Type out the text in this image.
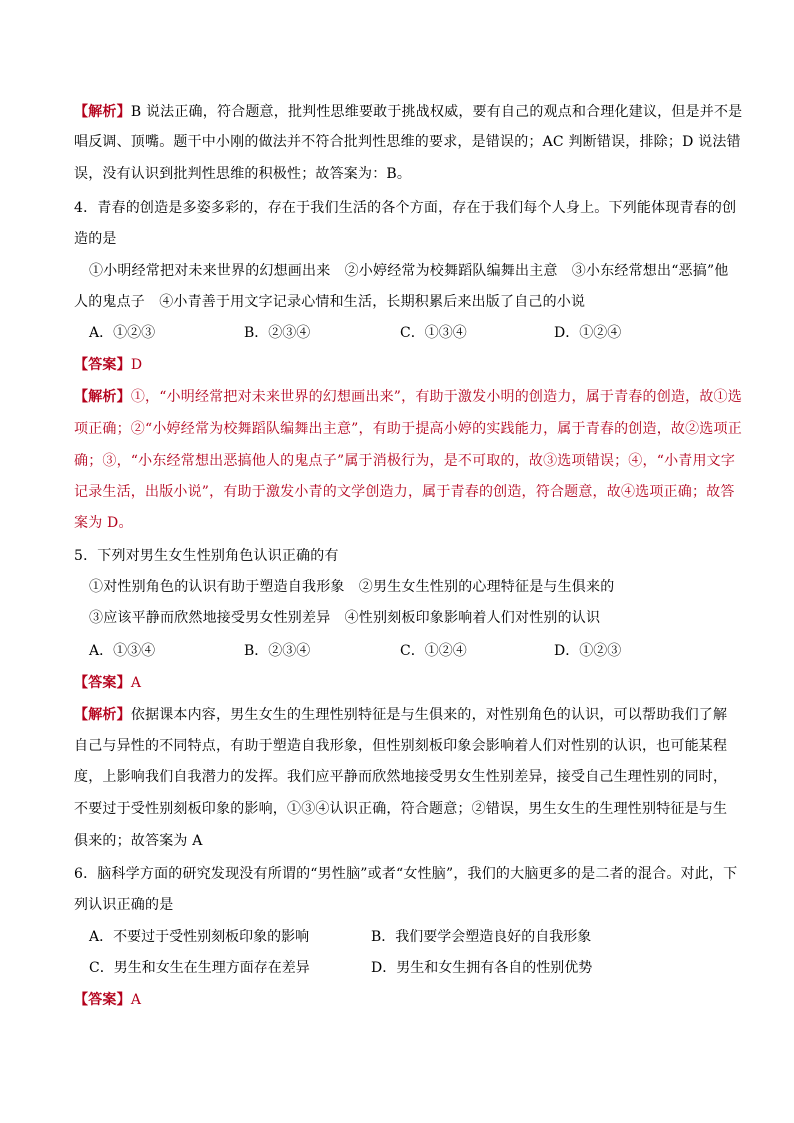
【解析】B 说法正确，符合题意，批判性思维要敢于挑战权威，要有自己的观点和合理化建议，但是并不是
唱反调、顶嘴。题干中小刚的做法并不符合批判性思维的要求，是错误的；AC 判断错误，排除；D 说法错
误，没有认识到批判性思维的积极性；故答案为：B。
4．青春的创造是多姿多彩的，存在于我们生活的各个方面，存在于我们每个人身上。下列能体现青春的创
造的是
①小明经常把对未来世界的幻想画出来　②小婷经常为校舞蹈队编舞出主意　③小东经常想出“恶搞”他
人的鬼点子　④小青善于用文字记录心情和生活，长期积累后来出版了自己的小说
A．①②③	B．②③④	C．①③④	D．①②④
【答案】D
【解析】①，“小明经常把对未来世界的幻想画出来”，有助于激发小明的创造力，属于青春的创造，故①选
项正确；②“小婷经常为校舞蹈队编舞出主意”，有助于提高小婷的实践能力，属于青春的创造，故②选项正
确；③，“小东经常想出恶搞他人的鬼点子”属于消极行为，是不可取的，故③选项错误；④，“小青用文字
记录生活，出版小说”，有助于激发小青的文学创造力，属于青春的创造，符合题意，故④选项正确；故答
案为 D。
5．下列对男生女生性别角色认识正确的有
①对性别角色的认识有助于塑造自我形象　②男生女生性别的心理特征是与生俱来的
③应该平静而欣然地接受男女性别差异　④性别刻板印象影响着人们对性别的认识
A．①③④	B．②③④	C．①②④	D．①②③
【答案】A
【解析】依据课本内容，男生女生的生理性别特征是与生俱来的，对性别角色的认识，可以帮助我们了解
自己与异性的不同特点，有助于塑造自我形象，但性别刻板印象会影响着人们对性别的认识，也可能某程
度，上影响我们自我潜力的发挥。我们应平静而欣然地接受男女生性别差异，接受自己生理性别的同时，
不要过于受性别刻板印象的影响，①③④认识正确，符合题意；②错误，男生女生的生理性别特征是与生
俱来的；故答案为 A
6．脑科学方面的研究发现没有所谓的“男性脑”或者“女性脑”，我们的大脑更多的是二者的混合。对此，下
列认识正确的是
A．不要过于受性别刻板印象的影响	B．我们要学会塑造良好的自我形象
C．男生和女生在生理方面存在差异	D．男生和女生拥有各自的性别优势
【答案】A
